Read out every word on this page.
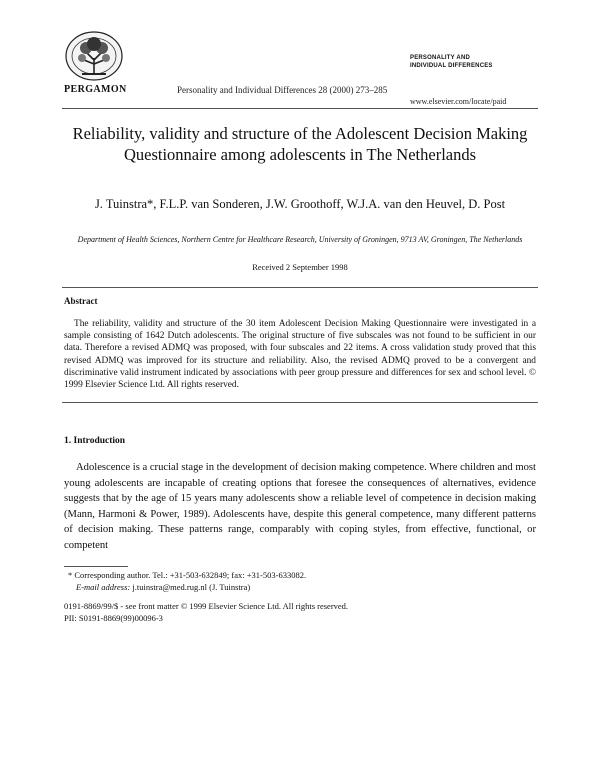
PERGAMON	Personality and Individual Differences 28 (2000) 273–285
PERSONALITY AND
INDIVIDUAL DIFFERENCES
www.elsevier.com/locate/paid
Reliability, validity and structure of the Adolescent Decision Making Questionnaire among adolescents in The Netherlands
J. Tuinstra*, F.L.P. van Sonderen, J.W. Groothoff, W.J.A. van den Heuvel, D. Post
Department of Health Sciences, Northern Centre for Healthcare Research, University of Groningen, 9713 AV, Groningen, The Netherlands
Received 2 September 1998
Abstract
The reliability, validity and structure of the 30 item Adolescent Decision Making Questionnaire were investigated in a sample consisting of 1642 Dutch adolescents. The original structure of five subscales was not found to be sufficient in our data. Therefore a revised ADMQ was proposed, with four subscales and 22 items. A cross validation study proved that this revised ADMQ was improved for its structure and reliability. Also, the revised ADMQ proved to be a convergent and discriminative valid instrument indicated by associations with peer group pressure and differences for sex and school level. © 1999 Elsevier Science Ltd. All rights reserved.
1. Introduction
Adolescence is a crucial stage in the development of decision making competence. Where children and most young adolescents are incapable of creating options that foresee the consequences of alternatives, evidence suggests that by the age of 15 years many adolescents show a reliable level of competence in decision making (Mann, Harmoni & Power, 1989). Adolescents have, despite this general competence, many different patterns of decision making. These patterns range, comparably with coping styles, from effective, functional, or competent
* Corresponding author. Tel.: +31-503-632849; fax: +31-503-633082.
E-mail address: j.tuinstra@med.rug.nl (J. Tuinstra)
0191-8869/99/$ - see front matter © 1999 Elsevier Science Ltd. All rights reserved.
PII: S0191-8869(99)00096-3
